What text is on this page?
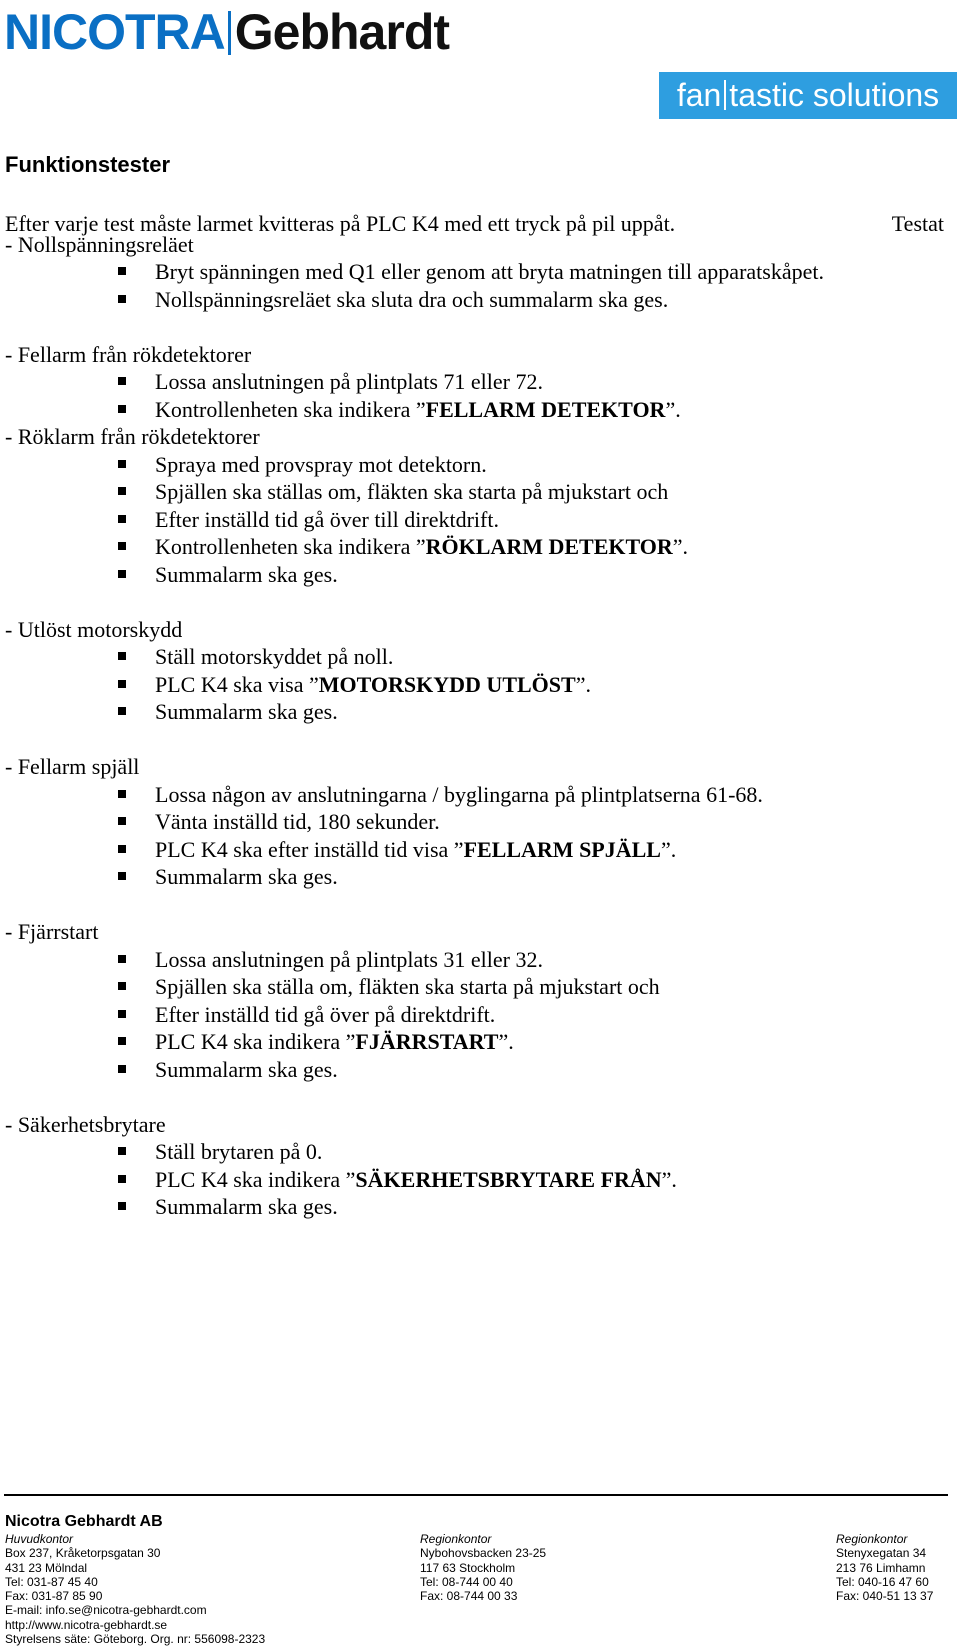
NICOTRA Gebhardt
fan tastic solutions
Funktionstester
Efter varje test måste larmet kvitteras på PLC K4 med ett tryck på pil uppåt.	Testat
- Nollspänningsreläet
Bryt spänningen med Q1 eller genom att bryta matningen till apparatskåpet.
Nollspänningsreläet ska sluta dra och summalarm ska ges.
- Fellarm från rökdetektorer
Lossa anslutningen på plintplats 71 eller 72.
Kontrollenheten ska indikera ”FELLARM DETEKTOR”.
- Röklarm från rökdetektorer
Spraya med provspray mot detektorn.
Spjällen ska ställas om, fläkten ska starta på mjukstart och
Efter inställd tid gå över till direktdrift.
Kontrollenheten ska indikera ”RÖKLARM DETEKTOR”.
Summalarm ska ges.
- Utlöst motorskydd
Ställ motorskyddet på noll.
PLC K4 ska visa ”MOTORSKYDD UTLÖST”.
Summalarm ska ges.
- Fellarm spjäll
Lossa någon av anslutningarna / byglingarna på plintplatserna 61-68.
Vänta inställd tid, 180 sekunder.
PLC K4 ska efter inställd tid visa ”FELLARM SPJÄLL”.
Summalarm ska ges.
- Fjärrstart
Lossa anslutningen på plintplats 31 eller 32.
Spjällen ska ställa om, fläkten ska starta på mjukstart och
Efter inställd tid gå över på direktdrift.
PLC K4 ska indikera ”FJÄRRSTART”.
Summalarm ska ges.
- Säkerhetsbrytare
Ställ brytaren på 0.
PLC K4 ska indikera ”SÄKERHETSBRYTARE FRÅN”.
Summalarm ska ges.
Nicotra Gebhardt AB
Huvudkontor
Box 237, Kråketorpsgatan 30
431 23 Mölndal
Tel: 031-87 45 40
Fax: 031-87 85 90
E-mail: info.se@nicotra-gebhardt.com
http://www.nicotra-gebhardt.se
Styrelsens säte: Göteborg. Org. nr: 556098-2323
Regionkontor
Nybohovsbacken 23-25
117 63 Stockholm
Tel: 08-744 00 40
Fax: 08-744 00 33
Regionkontor
Stenyxegatan 34
213 76 Limhamn
Tel: 040-16 47 60
Fax: 040-51 13 37
